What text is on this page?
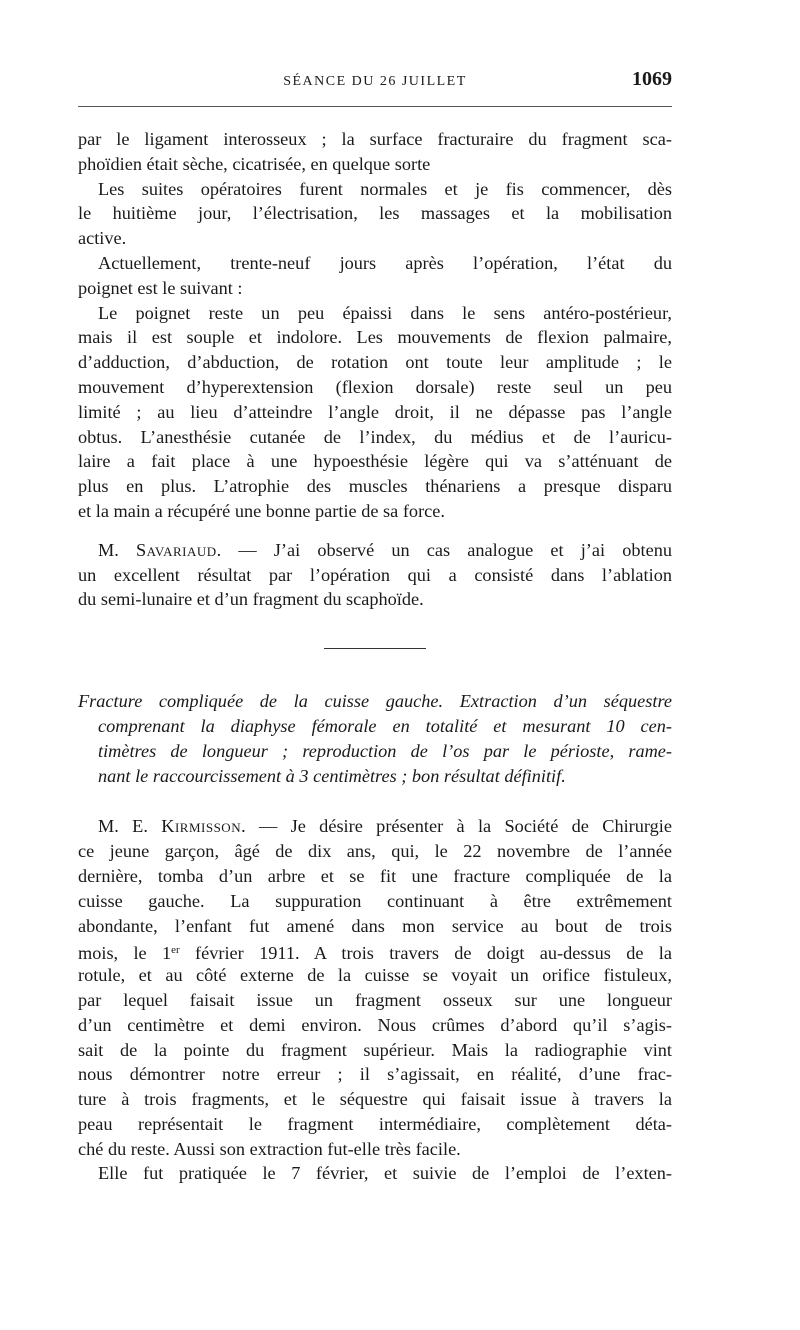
SÉANCE DU 26 JUILLET	1069
par le ligament interosseux ; la surface fracturaire du fragment sca-
phoïdien était sèche, cicatrisée, en quelque sorte
Les suites opératoires furent normales et je fis commencer, dès
le huitième jour, l’électrisation, les massages et la mobilisation
active.
Actuellement, trente-neuf jours après l’opération, l’état du
poignet est le suivant :
Le poignet reste un peu épaissi dans le sens antéro-postérieur,
mais il est souple et indolore. Les mouvements de flexion palmaire,
d’adduction, d’abduction, de rotation ont toute leur amplitude ; le
mouvement d’hyperextension (flexion dorsale) reste seul un peu
limité ; au lieu d’atteindre l’angle droit, il ne dépasse pas l’angle
obtus. L’anesthésie cutanée de l’index, du médius et de l’auricu-
laire a fait place à une hypoesthésie légère qui va s’atténuant de
plus en plus. L’atrophie des muscles thénariens a presque disparu
et la main a récupéré une bonne partie de sa force.
M. Savariaud. — J’ai observé un cas analogue et j’ai obtenu
un excellent résultat par l’opération qui a consisté dans l’ablation
du semi-lunaire et d’un fragment du scaphoïde.
Fracture compliquée de la cuisse gauche. Extraction d’un séquestre
comprenant la diaphyse fémorale en totalité et mesurant 10 cen-
timètres de longueur ; reproduction de l’os par le périoste, rame-
nant le raccourcissement à 3 centimètres ; bon résultat définitif.
M. E. Kirmisson. — Je désire présenter à la Société de Chirurgie
ce jeune garçon, âgé de dix ans, qui, le 22 novembre de l’année
dernière, tomba d’un arbre et se fit une fracture compliquée de la
cuisse gauche. La suppuration continuant à être extrêmement
abondante, l’enfant fut amené dans mon service au bout de trois
mois, le 1er février 1911. A trois travers de doigt au-dessus de la
rotule, et au côté externe de la cuisse se voyait un orifice fistuleux,
par lequel faisait issue un fragment osseux sur une longueur
d’un centimètre et demi environ. Nous crûmes d’abord qu’il s’agis-
sait de la pointe du fragment supérieur. Mais la radiographie vint
nous démontrer notre erreur ; il s’agissait, en réalité, d’une frac-
ture à trois fragments, et le séquestre qui faisait issue à travers la
peau représentait le fragment intermédiaire, complètement déta-
ché du reste. Aussi son extraction fut-elle très facile.
Elle fut pratiquée le 7 février, et suivie de l’emploi de l’exten-
